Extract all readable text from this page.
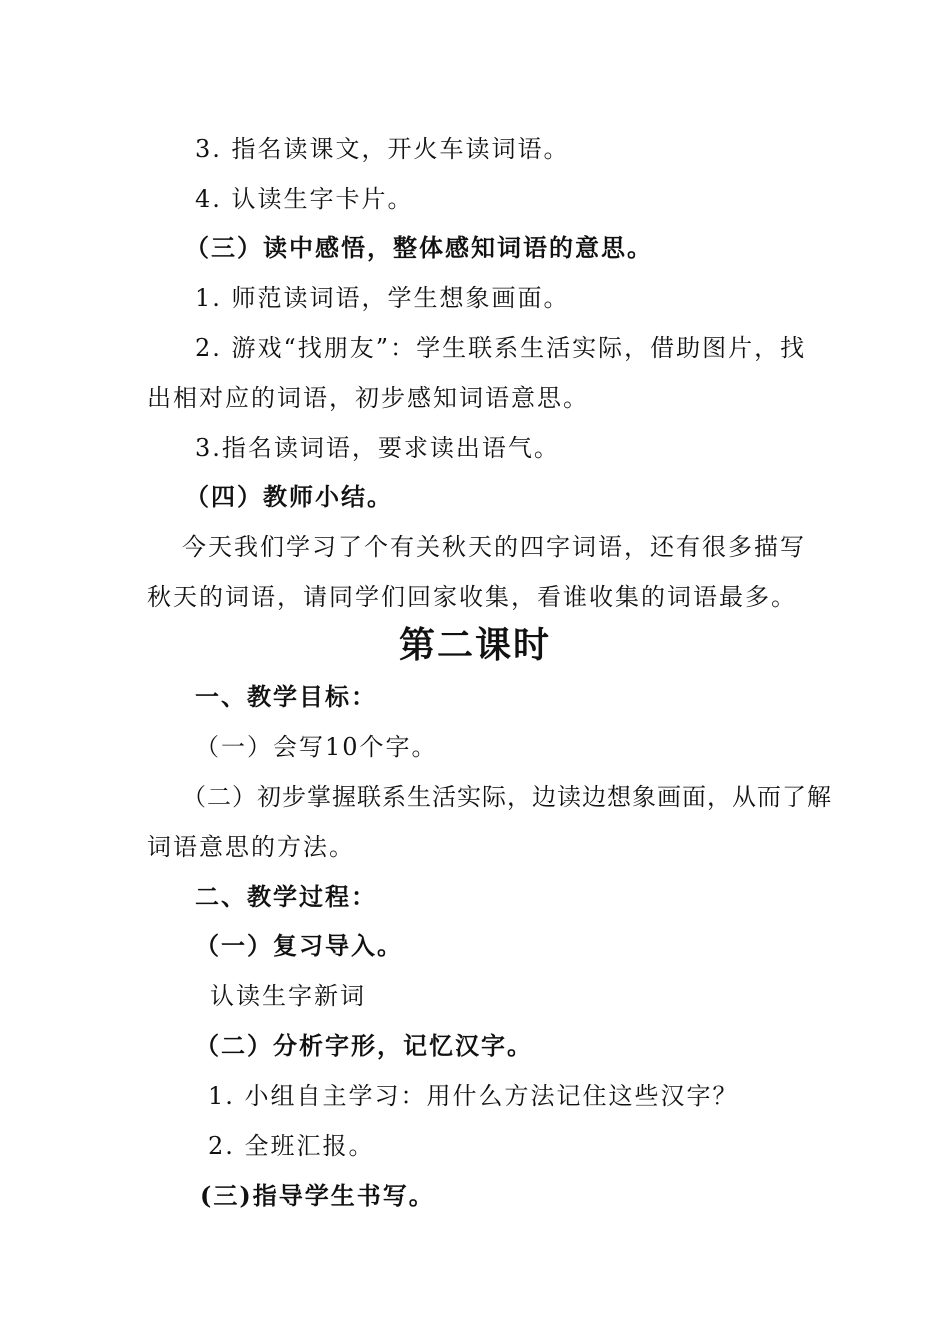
3. 指名读课文，开火车读词语。
4. 认读生字卡片。
（三）读中感悟，整体感知词语的意思。
1. 师范读词语，学生想象画面。
2. 游戏“找朋友”：学生联系生活实际，借助图片，找
出相对应的词语，初步感知词语意思。
3.指名读词语，要求读出语气。
（四）教师小结。
今天我们学习了个有关秋天的四字词语，还有很多描写
秋天的词语，请同学们回家收集，看谁收集的词语最多。
第二课时
一、教学目标：
（一）会写10个字。
（二）初步掌握联系生活实际，边读边想象画面，从而了解
词语意思的方法。
二、教学过程：
（一）复习导入。
认读生字新词
（二）分析字形，记忆汉字。
1. 小组自主学习：用什么方法记住这些汉字？
2. 全班汇报。
(三)指导学生书写。
